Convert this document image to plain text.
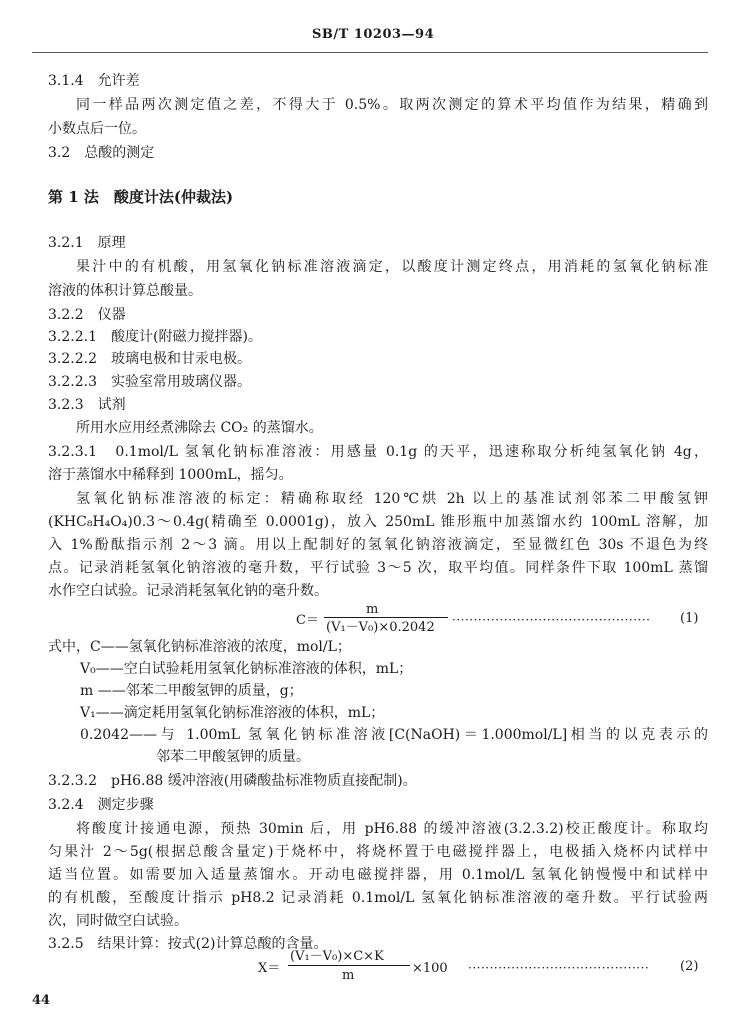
SB/T 10203—94
3.1.4　允许差
同一样品两次测定值之差，不得大于 0.5%。取两次测定的算术平均值作为结果，精确到
小数点后一位。
3.2　总酸的测定
第 1 法　酸度计法(仲裁法)
3.2.1　原理
果汁中的有机酸，用氢氧化钠标准溶液滴定，以酸度计测定终点，用消耗的氢氧化钠标准
溶液的体积计算总酸量。
3.2.2　仪器
3.2.2.1　酸度计(附磁力搅拌器)。
3.2.2.2　玻璃电极和甘汞电极。
3.2.2.3　实验室常用玻璃仪器。
3.2.3　试剂
所用水应用经煮沸除去 CO₂ 的蒸馏水。
3.2.3.1　0.1mol/L 氢氧化钠标准溶液：用感量 0.1g 的天平，迅速称取分析纯氢氧化钠 4g，
溶于蒸馏水中稀释到 1000mL，摇匀。
氢氧化钠标准溶液的标定：精确称取经 120℃烘 2h 以上的基准试剂邻苯二甲酸氢钾
(KHC₈H₄O₄)0.3～0.4g(精确至 0.0001g)，放入 250mL 锥形瓶中加蒸馏水约 100mL 溶解，加
入 1%酚酞指示剂 2～3 滴。用以上配制好的氢氧化钠溶液滴定，至显微红色 30s 不退色为终
点。记录消耗氢氧化钠溶液的毫升数，平行试验 3～5 次，取平均值。同样条件下取 100mL 蒸馏
水作空白试验。记录消耗氢氧化钠的毫升数。
C＝
m
(V₁－V₀)×0.2042 ·············································· (1)
式中，C——氢氧化钠标准溶液的浓度，mol/L；
V₀——空白试验耗用氢氧化钠标准溶液的体积，mL；
m ——邻苯二甲酸氢钾的质量，g；
V₁——滴定耗用氢氧化钠标准溶液的体积，mL；
0.2042——与 1.00mL 氢氧化钠标准溶液[C(NaOH)＝1.000mol/L]相当的以克表示的
邻苯二甲酸氢钾的质量。
3.2.3.2　pH6.88 缓冲溶液(用磷酸盐标准物质直接配制)。
3.2.4　测定步骤
将酸度计接通电源，预热 30min 后，用 pH6.88 的缓冲溶液(3.2.3.2)校正酸度计。称取均
匀果汁 2～5g(根据总酸含量定)于烧杯中，将烧杯置于电磁搅拌器上，电极插入烧杯内试样中
适当位置。如需要加入适量蒸馏水。开动电磁搅拌器，用 0.1mol/L 氢氧化钠慢慢中和试样中
的有机酸，至酸度计指示 pH8.2 记录消耗 0.1mol/L 氢氧化钠标准溶液的毫升数。平行试验两
次，同时做空白试验。
3.2.5　结果计算：按式(2)计算总酸的含量。
X＝
(V₁－V₀)×C×K
m	×100 ·········································· (2)
44
